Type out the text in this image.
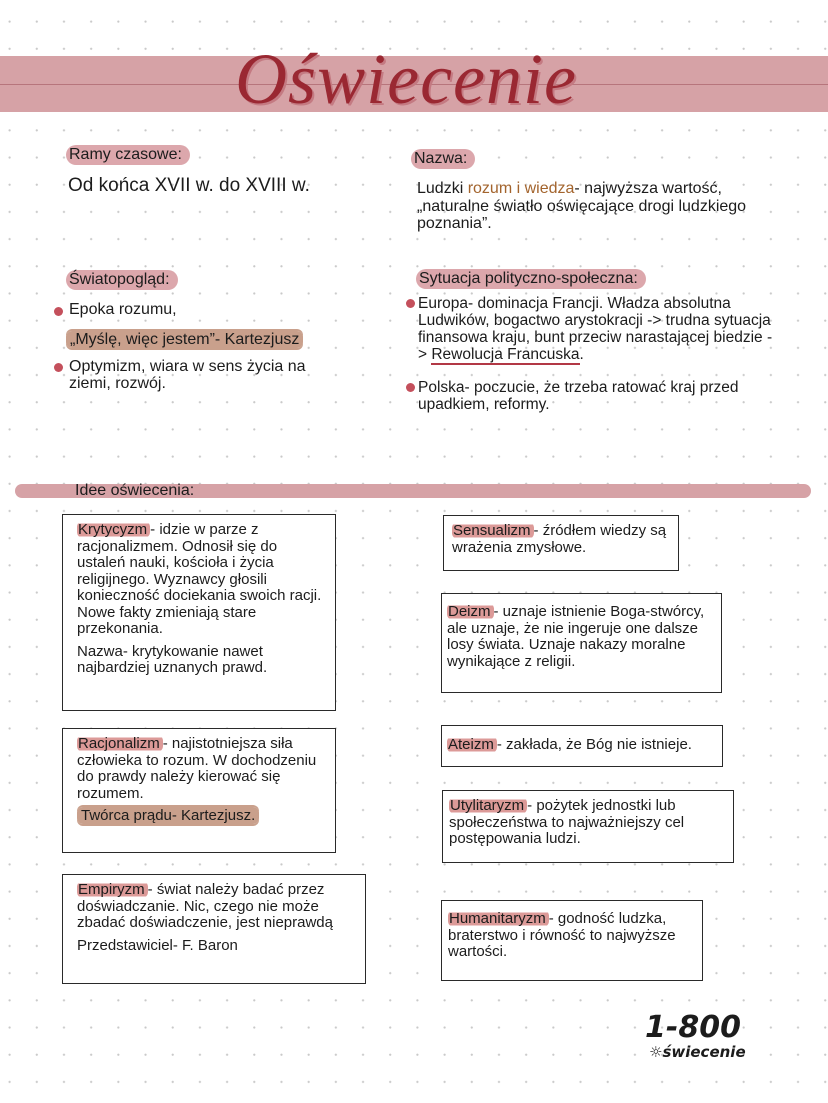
Oświecenie
Ramy czasowe:
Od końca XVII w. do XVIII w.
Nazwa:
Ludzki rozum i wiedza- najwyższa wartość, „naturalne światło oświęcające drogi ludzkiego poznania”.
Światopogląd:
Epoka rozumu,
„Myślę, więc jestem”- Kartezjusz
Optymizm, wiara w sens życia na ziemi, rozwój.
Sytuacja polityczno-społeczna:
Europa- dominacja Francji. Władza absolutna Ludwików, bogactwo arystokracji -> trudna sytuacja finansowa kraju, bunt przeciw narastającej biedzie -> Rewolucja Francuska.
Polska- poczucie, że trzeba ratować kraj przed upadkiem, reformy.
Idee oświecenia:

Krytycyzm - idzie w parze z racjonalizmem. Odnosił się do ustaleń nauki, kościoła i życia religijnego. Wyznawcy głosili konieczność dociekania swoich racji. Nowe fakty zmieniają stare przekonania.

Nazwa- krytykowanie nawet najbardziej uznanych prawd.

Racjonalizm - najistotniejsza siła człowieka to rozum. W dochodzeniu do prawdy należy kierować się rozumem.

Twórca prądu- Kartezjusz.

Empiryzm - świat należy badać przez doświadczanie. Nic, czego nie może zbadać doświadczenie, jest nieprawdą

Przedstawiciel- F. Baron

Sensualizm - źródłem wiedzy są wrażenia zmysłowe.

Deizm - uznaje istnienie Boga-stwórcy, ale uznaje, że nie ingeruje one dalsze losy świata. Uznaje nakazy moralne wynikające z religii.

Ateizm - zakłada, że Bóg nie istnieje.

Utylitaryzm - pożytek jednostki lub społeczeństwa to najważniejszy cel postępowania ludzi.

Humanitaryzm - godność ludzka, braterstwo i równość to najwyższe wartości.

1-800
☼świecenie
